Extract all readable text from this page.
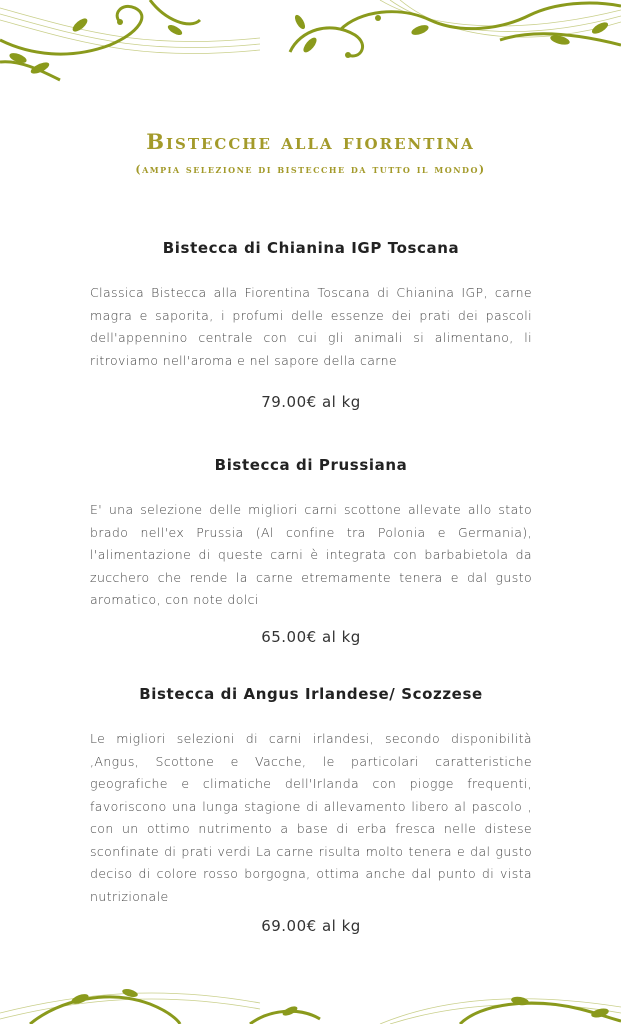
Bistecche alla fiorentina
(ampia selezione di bistecche da tutto il mondo)
Bistecca di Chianina IGP Toscana
Classica Bistecca alla Fiorentina Toscana di Chianina IGP, carne magra e saporita, i profumi delle essenze dei prati dei pascoli dell'appennino centrale con cui gli animali si alimentano, li ritroviamo nell'aroma e nel sapore della carne
79.00€ al kg
Bistecca di Prussiana
E' una selezione delle migliori carni scottone allevate allo stato brado nell'ex Prussia (Al confine tra Polonia e Germania), l'alimentazione di queste carni è integrata con barbabietola da zucchero che rende la carne etremamente tenera e dal gusto aromatico, con note dolci
65.00€ al kg
Bistecca di Angus Irlandese/ Scozzese
Le migliori selezioni di carni irlandesi, secondo disponibilità ,Angus, Scottone e Vacche, le particolari caratteristiche geografiche e climatiche dell'Irlanda con piogge frequenti, favoriscono una lunga stagione di allevamento libero al pascolo , con un ottimo nutrimento a base di erba fresca nelle distese sconfinate di prati verdi La carne risulta molto tenera e dal gusto deciso di colore rosso borgogna, ottima anche dal punto di vista nutrizionale
69.00€ al kg
